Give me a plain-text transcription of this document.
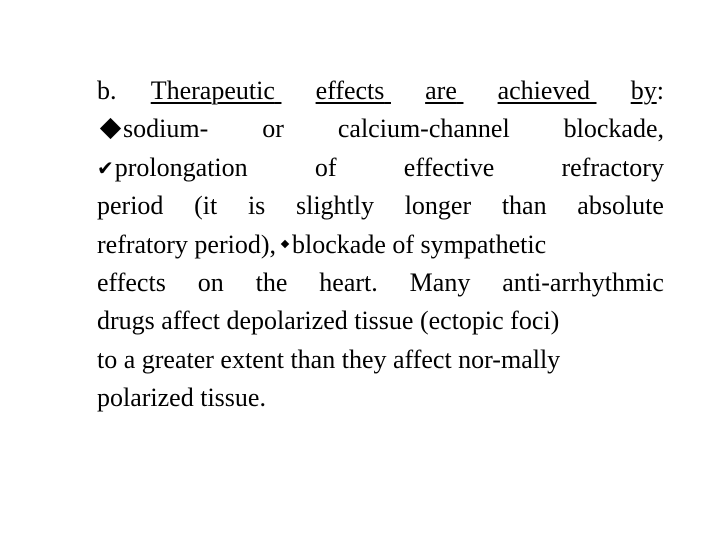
b. Therapeutic effects are achieved by:
sodium- or calcium-channel blockade,
✔prolongation	of	effective	refractory
period (it is slightly longer than absolute
refratory period), blockade of sympathetic
effects on the heart. Many anti-arrhythmic
drugs affect depolarized tissue (ectopic foci)
to a greater extent than they affect nor-mally
polarized tissue.
